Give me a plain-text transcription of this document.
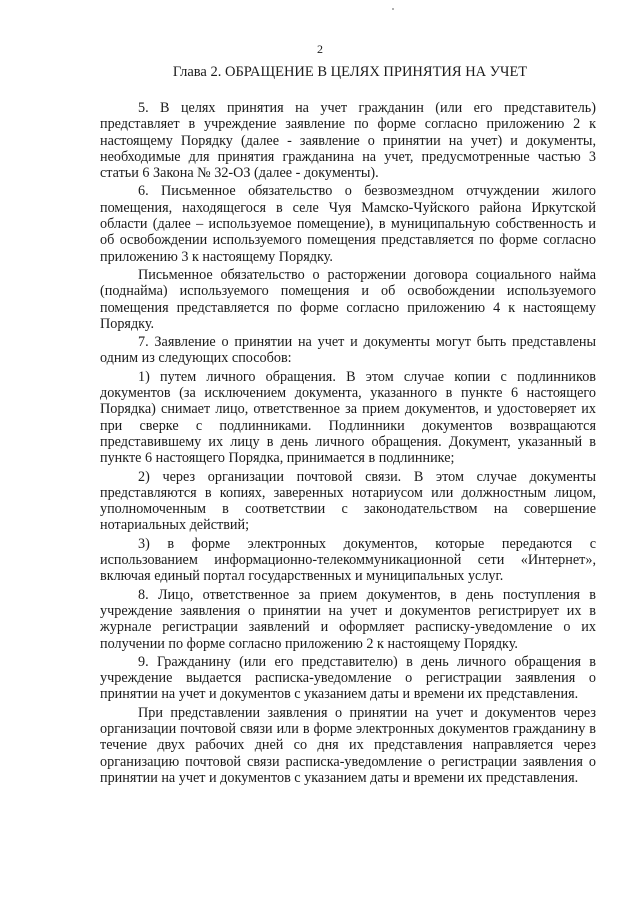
2
Глава 2. ОБРАЩЕНИЕ В ЦЕЛЯХ ПРИНЯТИЯ НА УЧЕТ

5. В целях принятия на учет гражданин (или его представитель) представляет в учреждение заявление по форме согласно приложению 2 к настоящему Порядку (далее - заявление о принятии на учет) и документы, необходимые для принятия гражданина на учет, предусмотренные частью 3 статьи 6 Закона № 32-ОЗ (далее - документы).

6. Письменное обязательство о безвозмездном отчуждении жилого помещения, находящегося в селе Чуя Мамско-Чуйского района Иркутской области (далее – используемое помещение), в муниципальную собственность и об освобождении используемого помещения представляется по форме согласно приложению 3 к настоящему Порядку.

Письменное обязательство о расторжении договора социального найма (поднайма) используемого помещения и об освобождении используемого помещения представляется по форме согласно приложению 4 к настоящему Порядку.

7. Заявление о принятии на учет и документы могут быть представлены одним из следующих способов:

1) путем личного обращения. В этом случае копии с подлинников документов (за исключением документа, указанного в пункте 6 настоящего Порядка) снимает лицо, ответственное за прием документов, и удостоверяет их при сверке с подлинниками. Подлинники документов возвращаются представившему их лицу в день личного обращения. Документ, указанный в пункте 6 настоящего Порядка, принимается в подлиннике;

2) через организации почтовой связи. В этом случае документы представляются в копиях, заверенных нотариусом или должностным лицом, уполномоченным в соответствии с законодательством на совершение нотариальных действий;

3) в форме электронных документов, которые передаются с использованием информационно-телекоммуникационной сети «Интернет», включая единый портал государственных и муниципальных услуг.

8. Лицо, ответственное за прием документов, в день поступления в учреждение заявления о принятии на учет и документов регистрирует их в журнале регистрации заявлений и оформляет расписку-уведомление о их получении по форме согласно приложению 2 к настоящему Порядку.

9. Гражданину (или его представителю) в день личного обращения в учреждение выдается расписка-уведомление о регистрации заявления о принятии на учет и документов с указанием даты и времени их представления.

При представлении заявления о принятии на учет и документов через организации почтовой связи или в форме электронных документов гражданину в течение двух рабочих дней со дня их представления направляется через организацию почтовой связи расписка-уведомление о регистрации заявления о принятии на учет и документов с указанием даты и времени их представления.
